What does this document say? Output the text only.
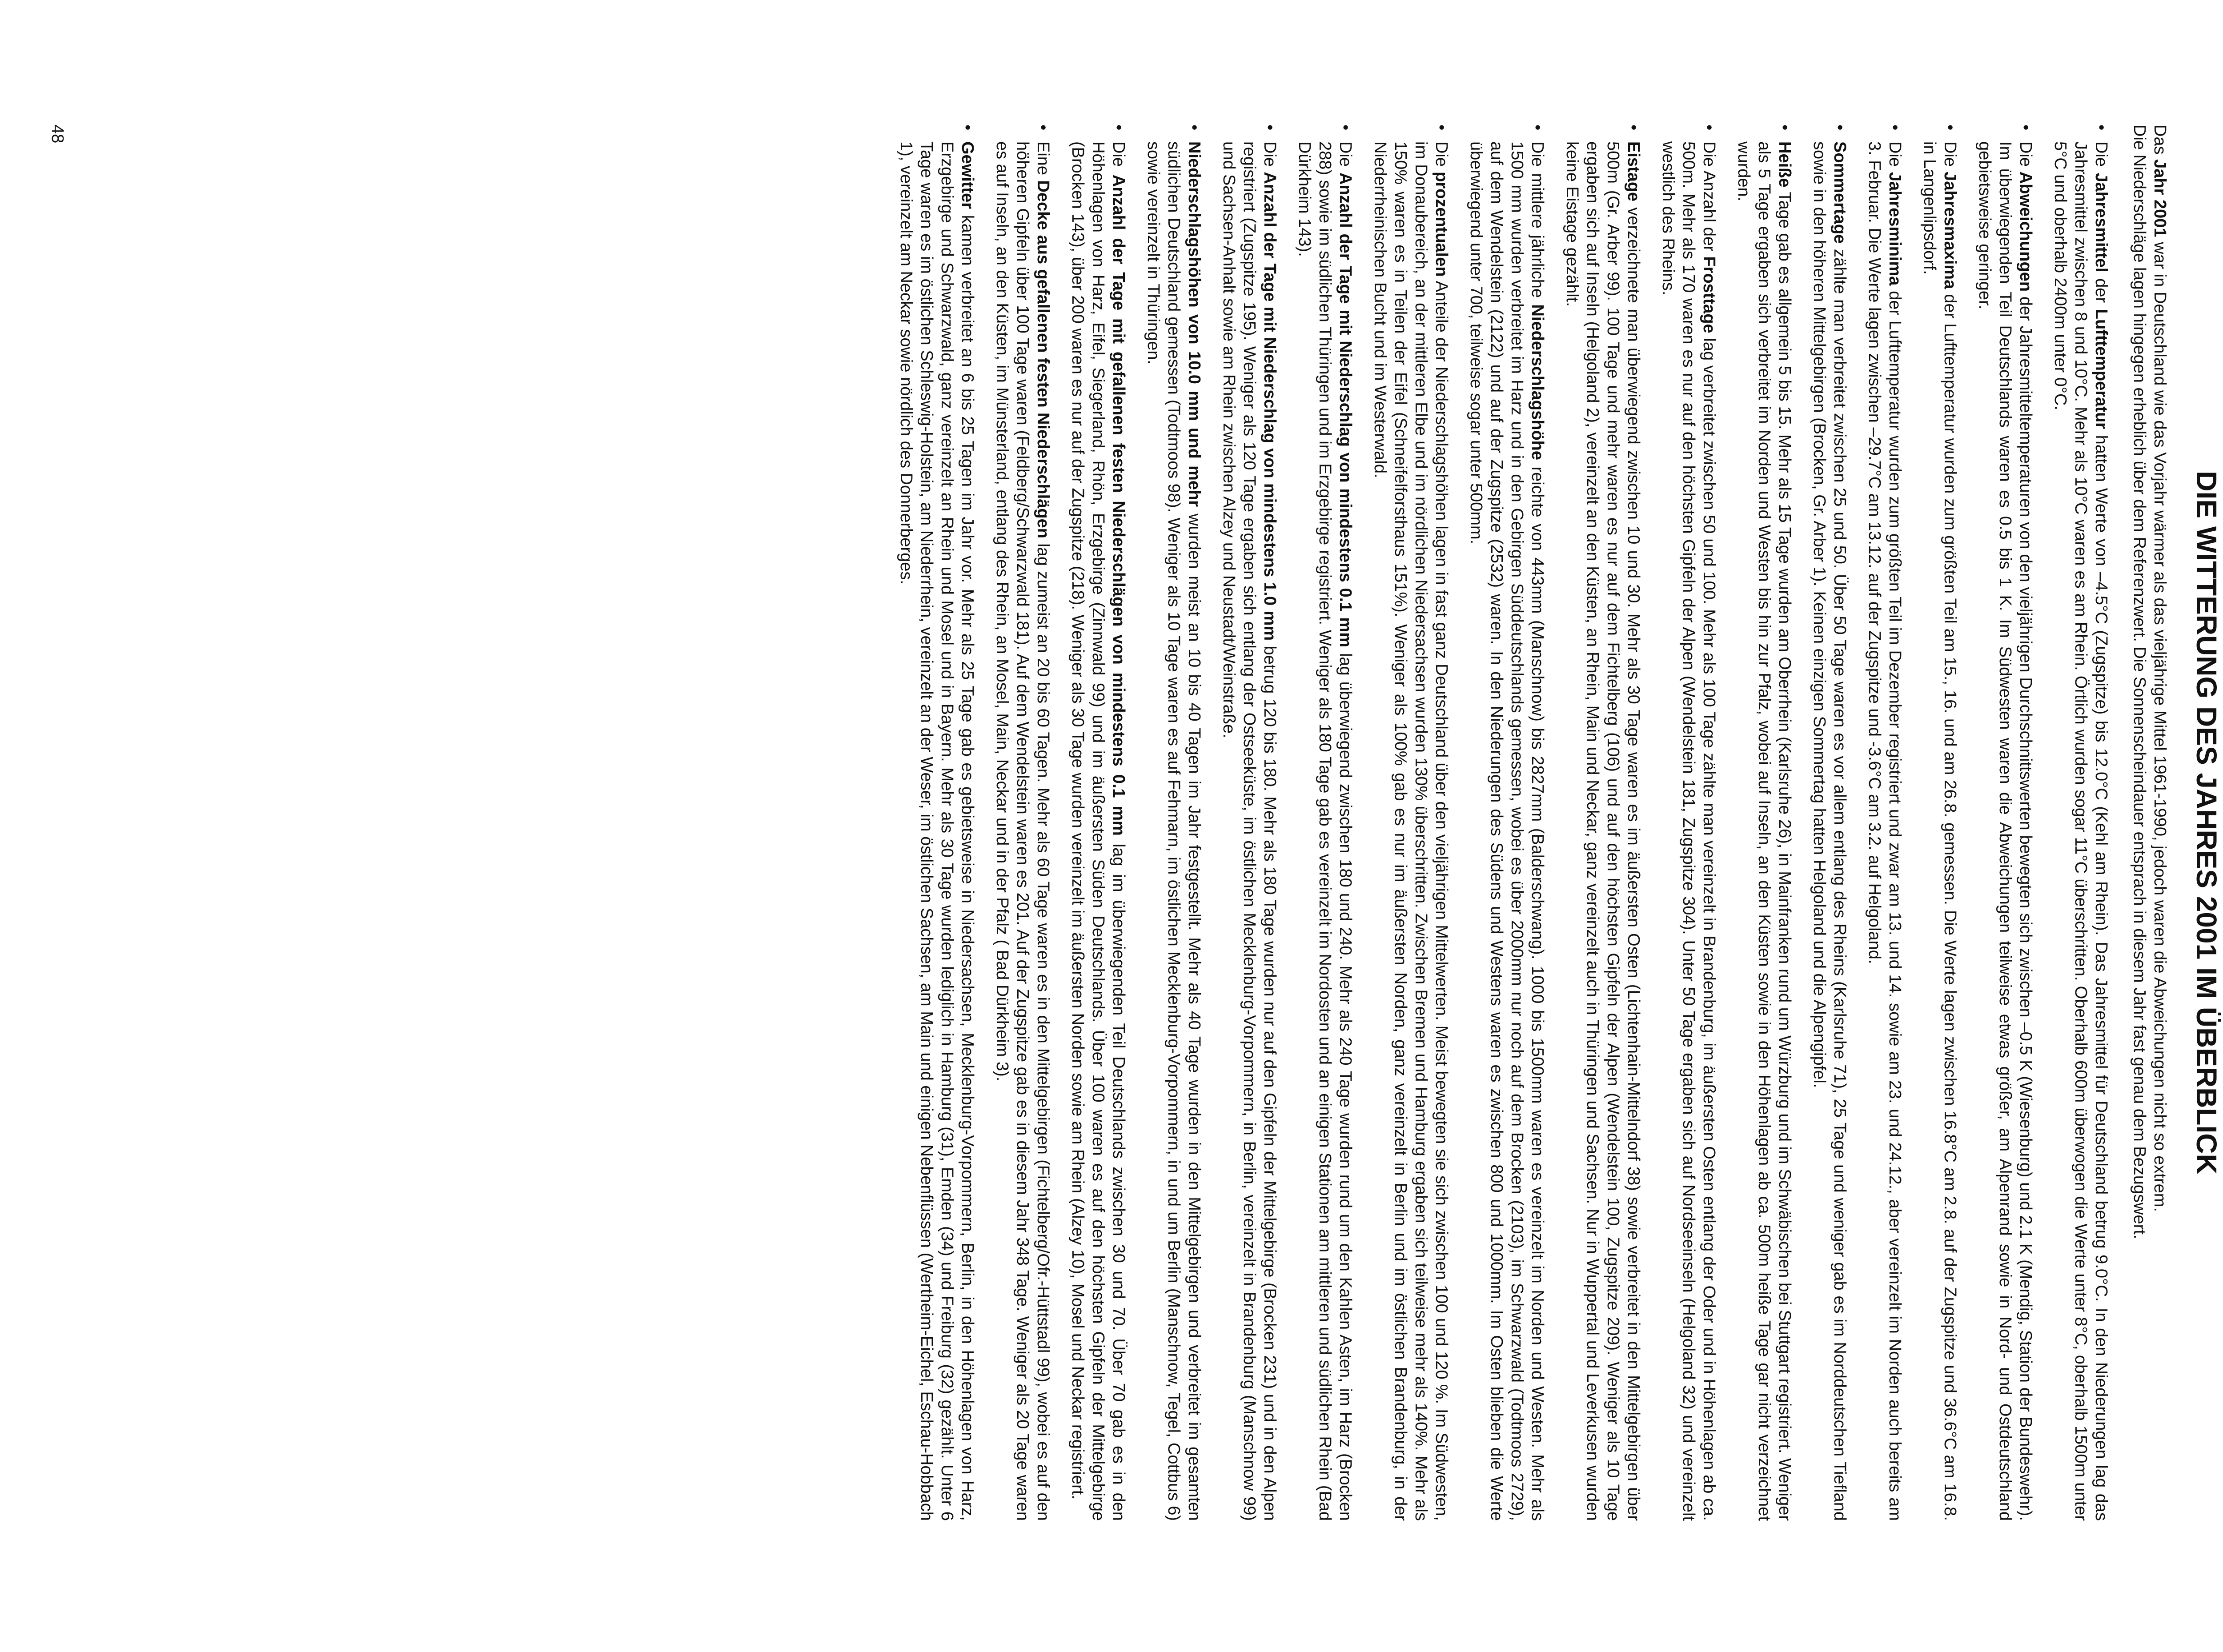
DIE WITTERUNG DES JAHRES 2001 IM ÜBERBLICK

Das Jahr 2001 war in Deutschland wie das Vorjahr wärmer als das vieljährige Mittel 1961-1990, jedoch waren die Abweichungen nicht so extrem.

Die Niederschläge lagen hingegen erheblich über dem Referenzwert. Die Sonnenscheindauer entsprach in diesem Jahr fast genau dem Bezugswert.

•
Die Jahresmittel der Lufttemperatur hatten Werte von –4.5°C (Zugspitze) bis 12.0°C (Kehl am Rhein). Das Jahresmittel für Deutschland betrug 9.0°C. In den Niederungen lag das Jahresmittel zwischen 8 und 10°C. Mehr als 10°C waren es am Rhein. Örtlich wurden sogar 11°C überschritten. Oberhalb 600m überwogen die Werte unter 8°C, oberhalb 1500m unter 5°C und oberhalb 2400m unter 0°C.
•
Die Abweichungen der Jahresmitteltemperaturen von den vieljährigen Durchschnittswerten bewegten sich zwischen –0.5 K (Wiesenburg) und 2.1 K (Mendig, Station der Bundeswehr). Im überwiegenden Teil Deutschlands waren es 0.5 bis 1 K. Im Südwesten waren die Abweichungen teilweise etwas größer, am Alpenrand sowie in Nord- und Ostdeutschland gebietsweise geringer.
•
Die Jahresmaxima der Lufttemperatur wurden zum größten Teil am 15., 16. und am 26.8. gemessen. Die Werte lagen zwischen 16.8°C am 2.8. auf der Zugspitze und 36.6°C am 16.8. in Langenlipsdorf.
•
Die Jahresminima der Lufttemperatur wurden zum größten Teil im Dezember registriert und zwar am 13. und 14. sowie am 23. und 24.12., aber vereinzelt im Norden auch bereits am 3. Februar. Die Werte lagen zwischen –29.7°C am 13.12. auf der Zugspitze und -3.6°C am 3.2. auf Helgoland.
•
Sommertage zählte man verbreitet zwischen 25 und 50. Über 50 Tage waren es vor allem entlang des Rheins (Karlsruhe 71), 25 Tage und weniger gab es im Norddeutschen Tiefland sowie in den höheren Mittelgebirgen (Brocken, Gr. Arber 1). Keinen einzigen Sommertag hatten Helgoland und die Alpengipfel.
•
Heiße Tage gab es allgemein 5 bis 15. Mehr als 15 Tage wurden am Oberrhein (Karlsruhe 26), in Mainfranken rund um Würzburg und im Schwäbischen bei Stuttgart registriert. Weniger als 5 Tage ergaben sich verbreitet im Norden und Westen bis hin zur Pfalz, wobei auf Inseln, an den Küsten sowie in den Höhenlagen ab ca. 500m heiße Tage gar nicht verzeichnet wurden.
•
Die Anzahl der Frosttage lag verbreitet zwischen 50 und 100. Mehr als 100 Tage zählte man vereinzelt in Brandenburg, im äußersten Osten entlang der Oder und in Höhenlagen ab ca. 500m. Mehr als 170 waren es nur auf den höchsten Gipfeln der Alpen (Wendelstein 181, Zugspitze 304). Unter 50 Tage ergaben sich auf Nordseeinseln (Helgoland 32) und vereinzelt westlich des Rheins.
•
Eistage verzeichnete man überwiegend zwischen 10 und 30. Mehr als 30 Tage waren es im äußersten Osten (Lichtenhain-Mittelndorf 38) sowie verbreitet in den Mittelgebirgen über 500m (Gr. Arber 99). 100 Tage und mehr waren es nur auf dem Fichtelberg (106) und auf den höchsten Gipfeln der Alpen (Wendelstein 100, Zugspitze 209). Weniger als 10 Tage ergaben sich auf Inseln (Helgoland 2), vereinzelt an den Küsten, an Rhein, Main und Neckar, ganz vereinzelt auch in Thüringen und Sachsen. Nur in Wuppertal und Leverkusen wurden keine Eistage gezählt.
•
Die mittlere jährliche Niederschlagshöhe reichte von 443mm (Manschnow) bis 2827mm (Balderschwang). 1000 bis 1500mm waren es vereinzelt im Norden und Westen. Mehr als 1500 mm wurden verbreitet im Harz und in den Gebirgen Süddeutschlands gemessen, wobei es über 2000mm nur noch auf dem Brocken (2103), im Schwarzwald (Todtmoos 2729), auf dem Wendelstein (2122) und auf der Zugspitze (2532) waren. In den Niederungen des Südens und Westens waren es zwischen 800 und 1000mm. Im Osten blieben die Werte überwiegend unter 700, teilweise sogar unter 500mm.
•
Die prozentualen Anteile der Niederschlagshöhen lagen in fast ganz Deutschland über den vieljährigen Mittelwerten. Meist bewegten sie sich zwischen 100 und 120 %. Im Südwesten, im Donaubereich, an der mittleren Elbe und im nördlichen Niedersachsen wurden 130% überschritten. Zwischen Bremen und Hamburg ergaben sich teilweise mehr als 140%. Mehr als 150% waren es in Teilen der Eifel (Schneifelforsthaus 151%). Weniger als 100% gab es nur im äußersten Norden, ganz vereinzelt in Berlin und im östlichen Brandenburg, in der Niederrheinischen Bucht und im Westerwald.
•
Die Anzahl der Tage mit Niederschlag von mindestens 0.1 mm lag überwiegend zwischen 180 und 240. Mehr als 240 Tage wurden rund um den Kahlen Asten, im Harz (Brocken 288) sowie im südlichen Thüringen und im Erzgebirge registriert. Weniger als 180 Tage gab es vereinzelt im Nordosten und an einigen Stationen am mittleren und südlichen Rhein (Bad Dürkheim 143).
•
Die Anzahl der Tage mit Niederschlag von mindestens 1.0 mm betrug 120 bis 180. Mehr als 180 Tage wurden nur auf den Gipfeln der Mittelgebirge (Brocken 231) und in den Alpen registriert (Zugspitze 195). Weniger als 120 Tage ergaben sich entlang der Ostseeküste, im östlichen Mecklenburg-Vorpommern, in Berlin, vereinzelt in Brandenburg (Manschnow 99) und Sachsen-Anhalt sowie am Rhein zwischen Alzey und Neustadt/Weinstraße.
•
Niederschlagshöhen von 10.0 mm und mehr wurden meist an 10 bis 40 Tagen im Jahr festgestellt. Mehr als 40 Tage wurden in den Mittelgebirgen und verbreitet im gesamten südlichen Deutschland gemessen (Todtmoos 98). Weniger als 10 Tage waren es auf Fehmarn, im östlichen Mecklenburg-Vorpommern, in und um Berlin (Manschnow, Tegel, Cottbus 6) sowie vereinzelt in Thüringen.
•
Die Anzahl der Tage mit gefallenen festen Niederschlägen von mindestens 0.1 mm lag im überwiegenden Teil Deutschlands zwischen 30 und 70. Über 70 gab es in den Höhenlagen von Harz, Eifel, Siegerland, Rhön, Erzgebirge (Zinnwald 99) und im äußersten Süden Deutschlands. Über 100 waren es auf den höchsten Gipfeln der Mittelgebirge (Brocken 143), über 200 waren es nur auf der Zugspitze (218). Weniger als 30 Tage wurden vereinzelt im äußersten Norden sowie am Rhein (Alzey 10), Mosel und Neckar registriert.
•
Eine Decke aus gefallenen festen Niederschlägen lag zumeist an 20 bis 60 Tagen. Mehr als 60 Tage waren es in den Mittelgebirgen (Fichtelberg/Ofr.-Hüttstadl 99), wobei es auf den höheren Gipfeln über 100 Tage waren (Feldberg/Schwarzwald 181). Auf dem Wendelstein waren es 201. Auf der Zugspitze gab es in diesem Jahr 348 Tage. Weniger als 20 Tage waren es auf Inseln, an den Küsten, im Münsterland, entlang des Rhein, an Mosel, Main, Neckar und in der Pfalz ( Bad Dürkheim 3).
•
Gewitter kamen verbreitet an 6 bis 25 Tagen im Jahr vor. Mehr als 25 Tage gab es gebietsweise in Niedersachsen, Mecklenburg-Vorpommern, Berlin, in den Höhenlagen von Harz, Erzgebirge und Schwarzwald, ganz vereinzelt an Rhein und Mosel und in Bayern. Mehr als 30 Tage wurden lediglich in Hamburg (31), Emden (34) und Freiburg (32) gezählt. Unter 6 Tage waren es im östlichen Schleswig-Holstein, am Niederrhein, vereinzelt an der Weser, im östlichen Sachsen, am Main und einigen Nebenflüssen (Wertheim-Eichel, Eschau-Hobbach 1), vereinzelt am Neckar sowie nördlich des Donnerberges.
48
